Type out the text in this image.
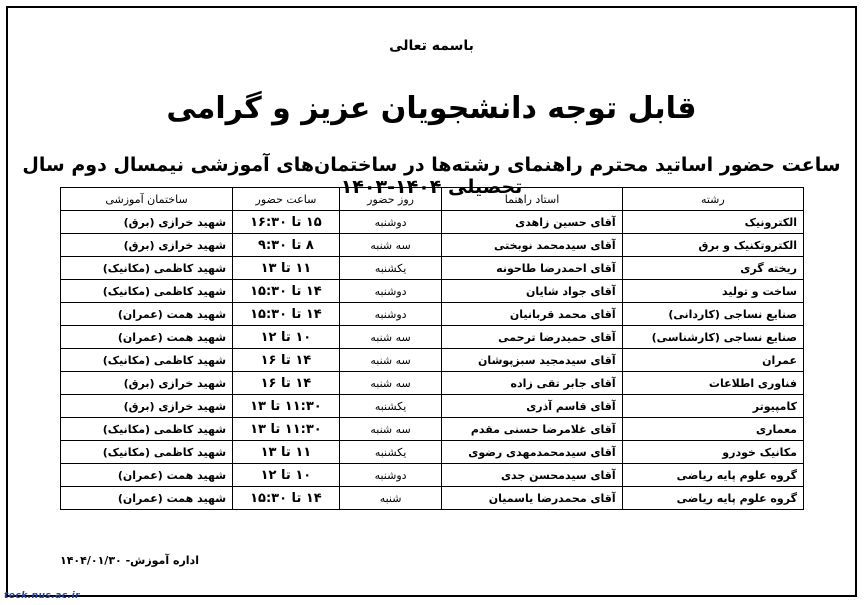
باسمه تعالی
قابل توجه دانشجویان عزیز و گرامی
ساعت حضور اساتید محترم راهنمای رشته‌ها در ساختمان‌های آموزشی نیمسال دوم سال تحصیلی ۱۴۰۴-۱۴۰۳
رشته	استاد راهنما	روز حضور	ساعت حضور	ساختمان آموزشی
الکترونیک	آقای حسین زاهدی	دوشنبه	۱۵ تا ۱۶:۳۰	شهید خرازی (برق)
الکتروتکنیک و برق	آقای سیدمحمد نوبختی	سه شنبه	۸ تا ۹:۳۰	شهید خرازی (برق)
ریخته گری	آقای احمدرضا طاحونه	یکشنبه	۱۱ تا ۱۳	شهید کاظمی (مکانیک)
ساخت و تولید	آقای جواد شایان	دوشنبه	۱۴ تا ۱۵:۳۰	شهید کاظمی (مکانیک)
صنایع نساجی (کاردانی)	آقای محمد قربانیان	دوشنبه	۱۴ تا ۱۵:۳۰	شهید همت (عمران)
صنایع نساجی (کارشناسی)	آقای حمیدرضا ترحمی	سه شنبه	۱۰ تا ۱۲	شهید همت (عمران)
عمران	آقای سیدمجید سبزپوشان	سه شنبه	۱۴ تا ۱۶	شهید کاظمی (مکانیک)
فناوری اطلاعات	آقای جابر تقی زاده	سه شنبه	۱۴ تا ۱۶	شهید خرازی (برق)
کامپیوتر	آقای قاسم آذری	یکشنبه	۱۱:۳۰ تا ۱۳	شهید خرازی (برق)
معماری	آقای غلامرضا حسنی مقدم	سه شنبه	۱۱:۳۰ تا ۱۳	شهید کاظمی (مکانیک)
مکانیک خودرو	آقای سیدمحمدمهدی رضوی	یکشنبه	۱۱ تا ۱۳	شهید کاظمی (مکانیک)
گروه علوم پایه ریاضی	آقای سیدمحسن جدی	دوشنبه	۱۰ تا ۱۲	شهید همت (عمران)
گروه علوم پایه ریاضی	آقای محمدرضا یاسمیان	شنبه	۱۴ تا ۱۵:۳۰	شهید همت (عمران)
اداره آموزش- ۱۴۰۴/۰۱/۳۰
teck.nus.ac.ir
